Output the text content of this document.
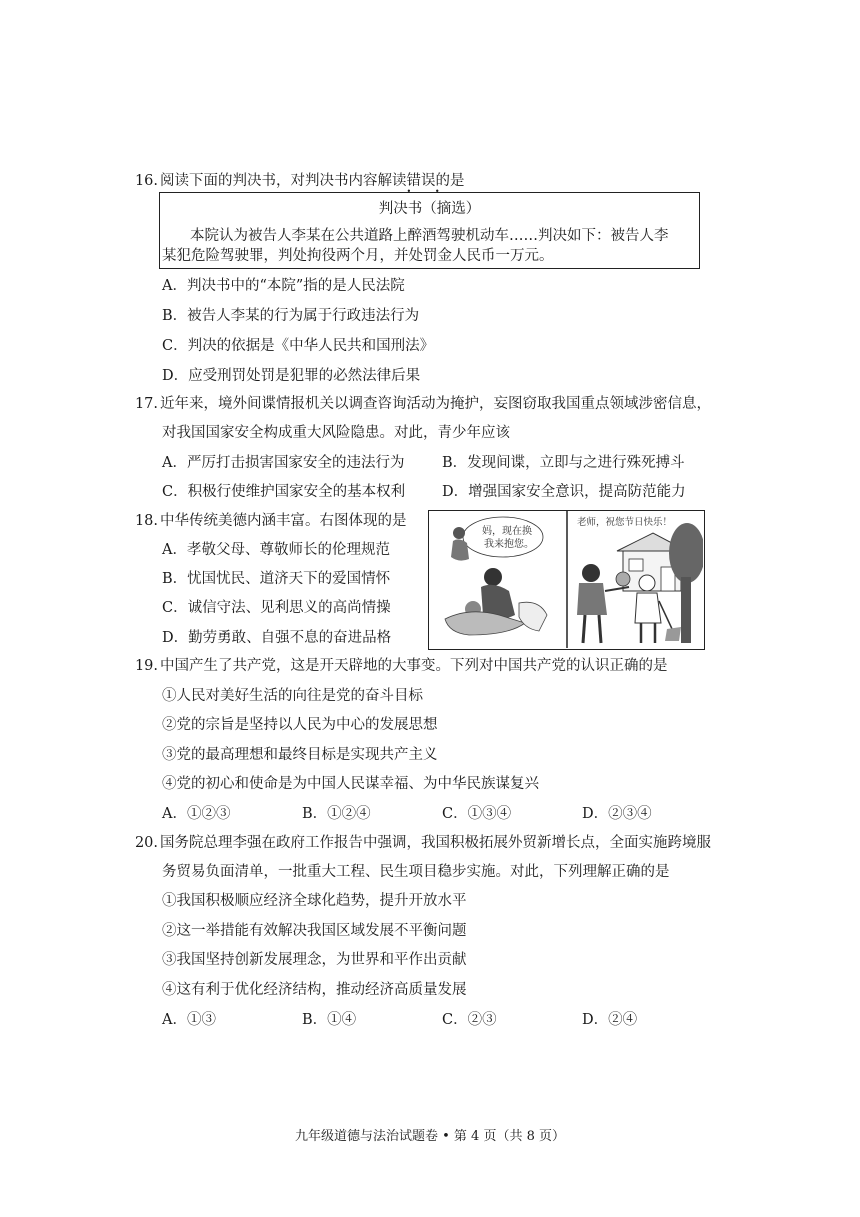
16. 阅读下面的判决书，对判决书内容解读错误 • •的是
判决书（摘选）
本院认为被告人李某在公共道路上醉酒驾驶机动车……判决如下：被告人李
某犯危险驾驶罪，判处拘役两个月，并处罚金人民币一万元。
A．判决书中的“本院”指的是人民法院
B．被告人李某的行为属于行政违法行为
C．判决的依据是《中华人民共和国刑法》
D．应受刑罚处罚是犯罪的必然法律后果
17. 近年来，境外间谍情报机关以调查咨询活动为掩护，妄图窃取我国重点领域涉密信息，
对我国国家安全构成重大风险隐患。对此，青少年应该
A．严厉打击损害国家安全的违法行为	B．发现间谍，立即与之进行殊死搏斗
C．积极行使维护国家安全的基本权利	D．增强国家安全意识，提高防范能力
18. 中华传统美德内涵丰富。右图体现的是
A．孝敬父母、尊敬师长的伦理规范
B．忧国忧民、道济天下的爱国情怀
C．诚信守法、见利思义的高尚情操
D．勤劳勇敢、自强不息的奋进品格
妈，现在换
我来抱您。
老师，祝您节日快乐！
19. 中国产生了共产党，这是开天辟地的大事变。下列对中国共产党的认识正确的是
①人民对美好生活的向往是党的奋斗目标
②党的宗旨是坚持以人民为中心的发展思想
③党的最高理想和最终目标是实现共产主义
④党的初心和使命是为中国人民谋幸福、为中华民族谋复兴
A．①②③	B．①②④	C．①③④	D．②③④
20. 国务院总理李强在政府工作报告中强调，我国积极拓展外贸新增长点，全面实施跨境服
务贸易负面清单，一批重大工程、民生项目稳步实施。对此，下列理解正确的是
①我国积极顺应经济全球化趋势，提升开放水平
②这一举措能有效解决我国区域发展不平衡问题
③我国坚持创新发展理念，为世界和平作出贡献
④这有利于优化经济结构，推动经济高质量发展
A．①③	B．①④	C．②③	D．②④
九年级道德与法治试题卷 • 第 4 页（共 8 页）
